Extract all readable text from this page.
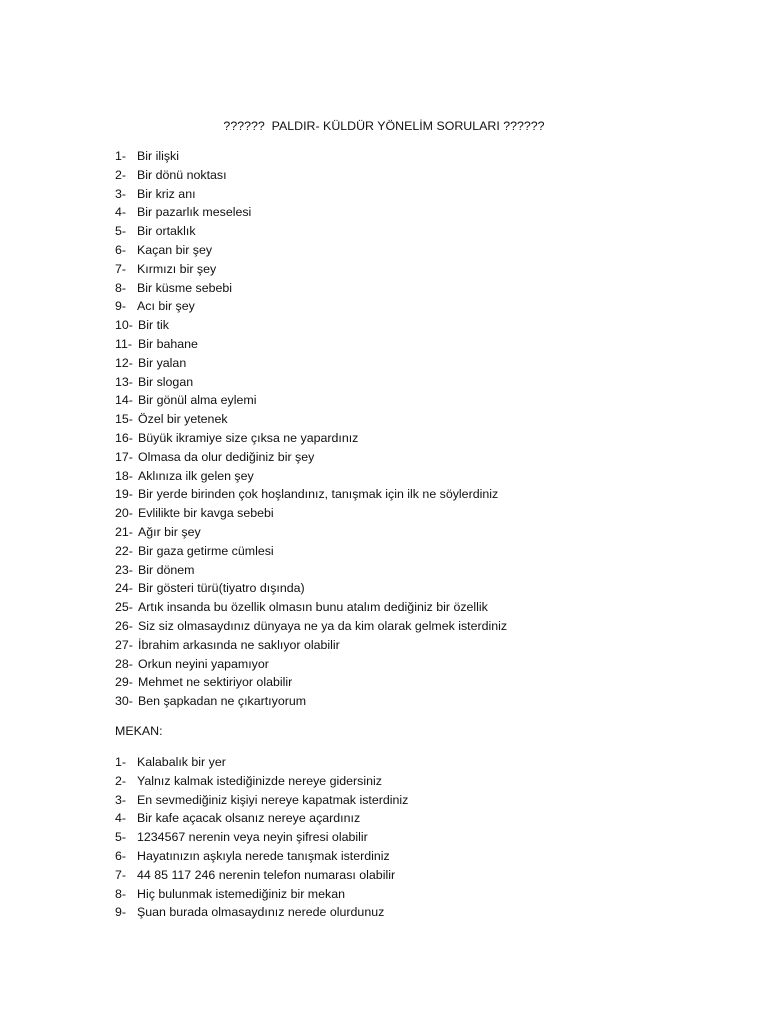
??????  PALDIR- KÜLDÜR YÖNELİM SORULARI ??????
1- Bir ilişki
2- Bir dönü noktası
3- Bir kriz anı
4- Bir pazarlık meselesi
5- Bir ortaklık
6- Kaçan bir şey
7- Kırmızı bir şey
8- Bir küsme sebebi
9- Acı bir şey
10- Bir tik
11- Bir bahane
12- Bir yalan
13- Bir slogan
14- Bir gönül alma eylemi
15- Özel bir yetenek
16- Büyük ikramiye size çıksa ne yapardınız
17- Olmasa da olur dediğiniz bir şey
18- Aklınıza ilk gelen şey
19- Bir yerde birinden çok hoşlandınız, tanışmak için ilk ne söylerdiniz
20- Evlilikte bir kavga sebebi
21- Ağır bir şey
22- Bir gaza getirme cümlesi
23- Bir dönem
24- Bir gösteri türü(tiyatro dışında)
25- Artık insanda bu özellik olmasın bunu atalım dediğiniz bir özellik
26- Siz siz olmasaydınız dünyaya ne ya da kim olarak gelmek isterdiniz
27- İbrahim arkasında ne saklıyor olabilir
28- Orkun neyini yapamıyor
29- Mehmet ne sektiriyor olabilir
30- Ben şapkadan ne çıkartıyorum
MEKAN:
1- Kalabalık bir yer
2- Yalnız kalmak istediğinizde nereye gidersiniz
3- En sevmediğiniz kişiyi nereye kapatmak isterdiniz
4- Bir kafe açacak olsanız nereye açardınız
5- 1234567 nerenin veya neyin şifresi olabilir
6- Hayatınızın aşkıyla nerede tanışmak isterdiniz
7- 44 85 117 246 nerenin telefon numarası olabilir
8- Hiç bulunmak istemediğiniz bir mekan
9- Şuan burada olmasaydınız nerede olurdunuz
